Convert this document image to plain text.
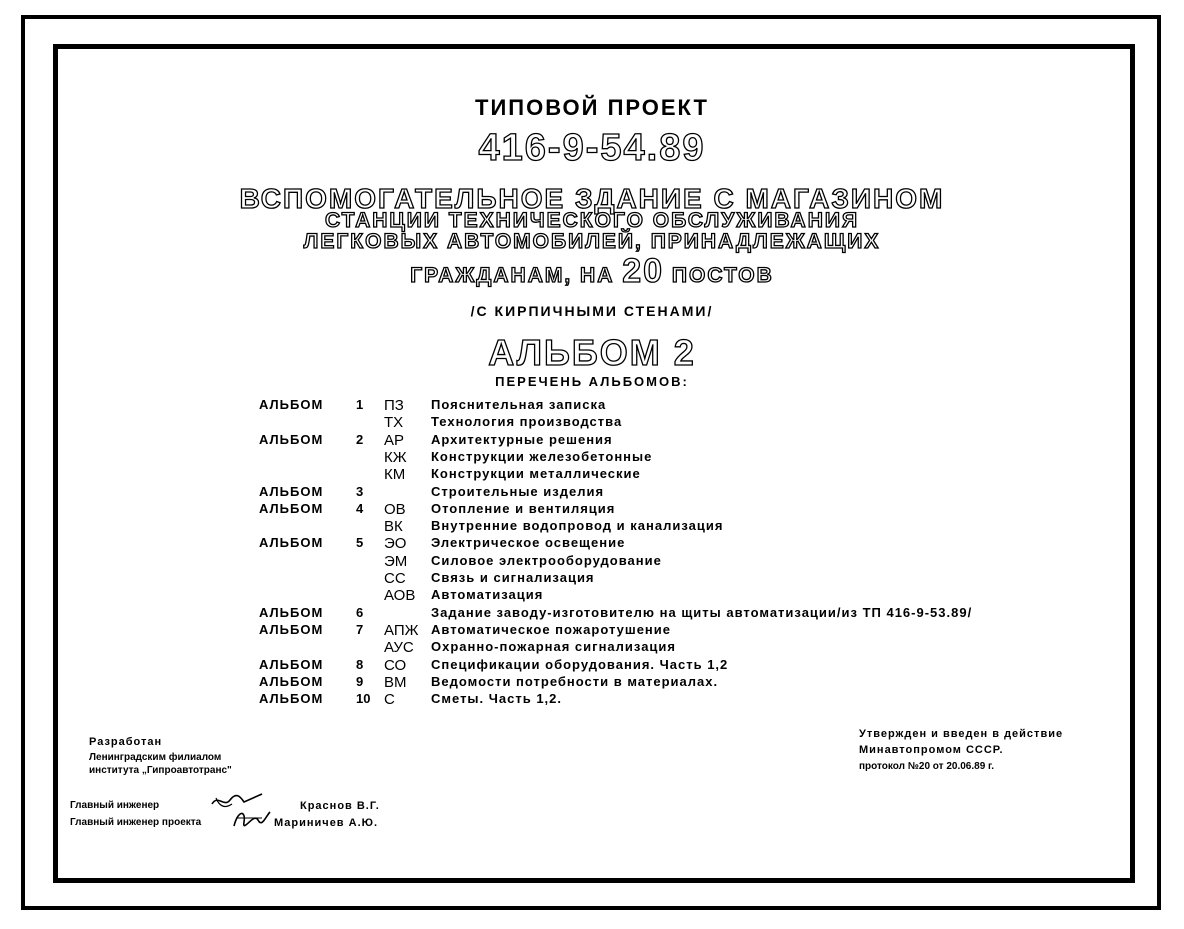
ТИПОВОЙ ПРОЕКТ
416-9-54.89
ВСПОМОГАТЕЛЬНОЕ ЗДАНИЕ С МАГАЗИНОМ
СТАНЦИИ ТЕХНИЧЕСКОГО ОБСЛУЖИВАНИЯ
ЛЕГКОВЫХ АВТОМОБИЛЕЙ, ПРИНАДЛЕЖАЩИХ
ГРАЖДАНАМ, НА 20 ПОСТОВ
/С КИРПИЧНЫМИ СТЕНАМИ/
АЛЬБОМ 2
ПЕРЕЧЕНЬ АЛЬБОМОВ:
АЛЬБОМ	1 ПЗ Пояснительная записка
ТХ Технология производства
АЛЬБОМ	2 АР Архитектурные решения
КЖ Конструкции железобетонные
КМ Конструкции металлические
АЛЬБОМ	3	Строительные изделия
АЛЬБОМ	4 ОВ Отопление и вентиляция
ВК Внутренние водопровод и канализация
АЛЬБОМ	5 ЭО Электрическое освещение
ЭМ Силовое электрооборудование
СС Связь и сигнализация
АОВ Автоматизация
АЛЬБОМ	6	Задание заводу-изготовителю на щиты автоматизации/из ТП 416-9-53.89/
АЛЬБОМ	7 АПЖ Автоматическое пожаротушение
АУС Охранно-пожарная сигнализация
АЛЬБОМ	8 СО Спецификации оборудования. Часть 1,2
АЛЬБОМ	9 ВМ Ведомости потребности в материалах.
АЛЬБОМ	10 С	Сметы. Часть 1,2.
Разработан
Ленинградским филиалом
института „Гипроавтотранс"
Утвержден и введен в действие
Минавтопромом СССР.
протокол №20 от 20.06.89 г.
Главный инженер	Краснов В.Г.
Главный инженер проекта	Мариничев А.Ю.
